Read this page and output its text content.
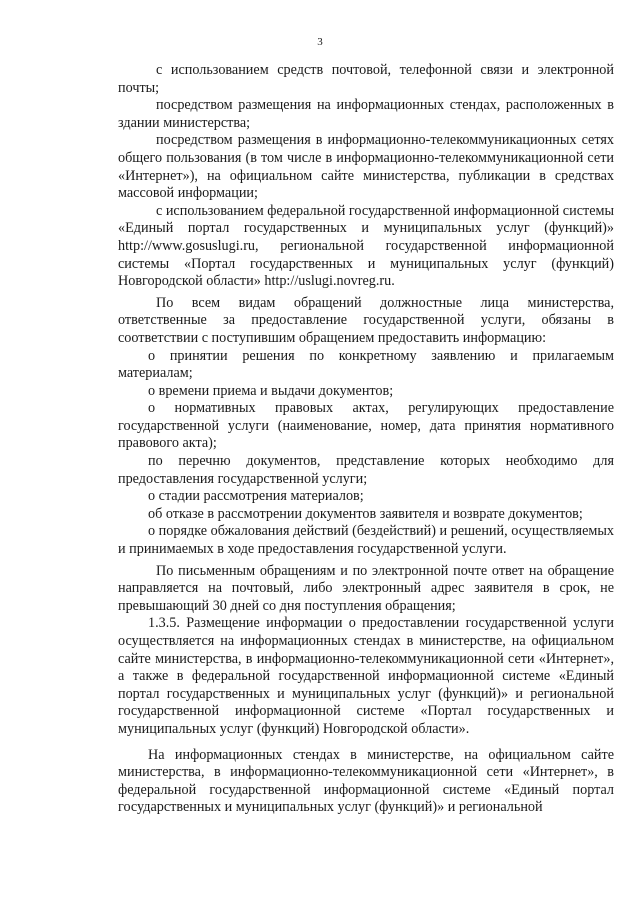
3

с использованием средств почтовой, телефонной связи и электронной почты;

посредством размещения на информационных стендах, расположенных в здании министерства;

посредством размещения в информационно-телекоммуникационных сетях общего пользования (в том числе в информационно-телекоммуникационной сети «Интернет»), на официальном сайте министерства, публикации в средствах массовой информации;

с использованием федеральной государственной информационной системы «Единый портал государственных и муниципальных услуг (функций)» http://www.gosuslugi.ru, региональной государственной информационной системы «Портал государственных и муниципальных услуг (функций) Новгородской области» http://uslugi.novreg.ru.

По всем видам обращений должностные лица министерства, ответственные за предоставление государственной услуги, обязаны в соответствии с поступившим обращением предоставить информацию:

о принятии решения по конкретному заявлению и прилагаемым материалам;

о времени приема и выдачи документов;

о нормативных правовых актах, регулирующих предоставление государственной услуги (наименование, номер, дата принятия нормативного правового акта);

по перечню документов, представление которых необходимо для предоставления государственной услуги;

о стадии рассмотрения материалов;

об отказе в рассмотрении документов заявителя и возврате документов;

о порядке обжалования действий (бездействий) и решений, осуществляемых и принимаемых в ходе предоставления государственной услуги.

По письменным обращениям и по электронной почте ответ на обращение направляется на почтовый, либо электронный адрес заявителя в срок, не превышающий 30 дней со дня поступления обращения;

1.3.5. Размещение информации о предоставлении государственной услуги осуществляется на информационных стендах в министерстве, на официальном сайте министерства, в информационно-телекоммуникационной сети «Интернет», а также в федеральной государственной информационной системе «Единый портал государственных и муниципальных услуг (функций)» и региональной государственной информационной системе «Портал государственных и муниципальных услуг (функций) Новгородской области».

На информационных стендах в министерстве, на официальном сайте министерства, в информационно-телекоммуникационной сети «Интернет», в федеральной государственной информационной системе «Единый портал государственных и муниципальных услуг (функций)» и региональной
